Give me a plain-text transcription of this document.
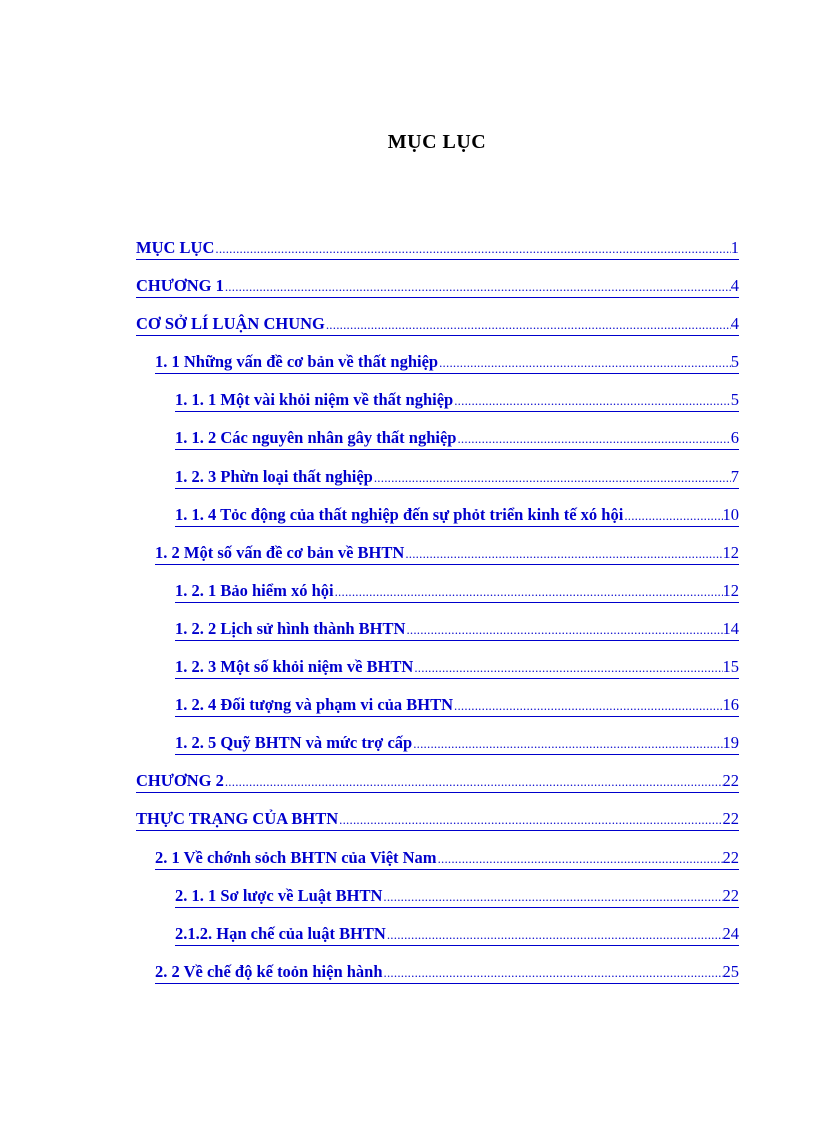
MỤC LỤC
MỤC LỤC .....	1
CHƯƠNG 1 .....	4
CƠ SỞ LÍ LUẬN CHUNG .....	4
1. 1 Những vấn đề cơ bản về thất nghiệp .....	5
1. 1. 1 Một vài khỏi niệm về thất nghiệp .....	5
1. 1. 2 Các nguyên nhân gây thất nghiệp .....	6
1. 2. 3 Phừn loại thất nghiệp .....	7
1. 1. 4 Tỏc động của thất nghiệp đến sự phỏt triển kinh tế xó hội .....	10
1. 2 Một số vấn đề cơ bản về BHTN .....	12
1. 2. 1 Bảo hiểm xó hội .....	12
1. 2. 2 Lịch sử hình thành BHTN .....	14
1. 2. 3 Một số khỏi niệm về BHTN .....	15
1. 2. 4 Đối tượng và phạm vi của BHTN .....	16
1. 2. 5 Quỹ BHTN và mức trợ cấp .....	19
CHƯƠNG 2 .....	22
THỰC TRẠNG CỦA BHTN .....	22
2. 1 Về chớnh sỏch BHTN của Việt Nam .....	22
2. 1. 1 Sơ lược về Luật BHTN .....	22
2.1.2. Hạn chế của luật BHTN .....	24
2. 2 Về chế độ kế toỏn hiện hành .....	25
